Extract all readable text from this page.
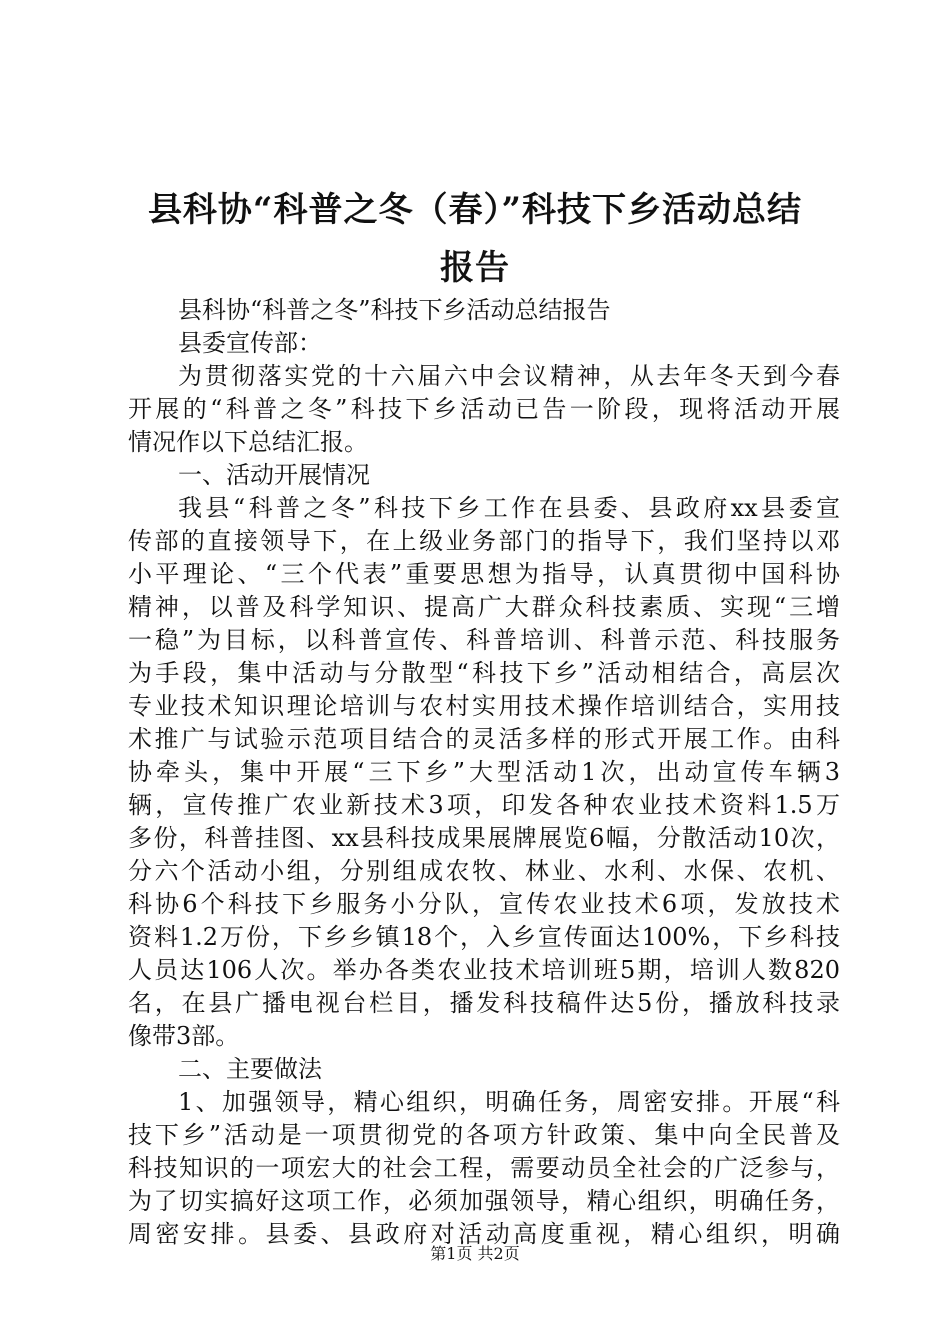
县科协“科普之冬（春）”科技下乡活动总结
报告
县科协“科普之冬”科技下乡活动总结报告
县委宣传部：
为贯彻落实党的十六届六中会议精神，从去年冬天到今春
开展的“科普之冬”科技下乡活动已告一阶段，现将活动开展
情况作以下总结汇报。
一、活动开展情况
我县“科普之冬”科技下乡工作在县委、县政府xx县委宣
传部的直接领导下，在上级业务部门的指导下，我们坚持以邓
小平理论、“三个代表”重要思想为指导，认真贯彻中国科协
精神，以普及科学知识、提高广大群众科技素质、实现“三增
一稳”为目标，以科普宣传、科普培训、科普示范、科技服务
为手段，集中活动与分散型“科技下乡”活动相结合，高层次
专业技术知识理论培训与农村实用技术操作培训结合，实用技
术推广与试验示范项目结合的灵活多样的形式开展工作。由科
协牵头，集中开展“三下乡”大型活动1次，出动宣传车辆3
辆，宣传推广农业新技术3项，印发各种农业技术资料1.5万
多份，科普挂图、xx县科技成果展牌展览6幅，分散活动10次，
分六个活动小组，分别组成农牧、林业、水利、水保、农机、
科协6个科技下乡服务小分队，宣传农业技术6项，发放技术
资料1.2万份，下乡乡镇18个，入乡宣传面达100%，下乡科技
人员达106人次。举办各类农业技术培训班5期，培训人数820
名，在县广播电视台栏目，播发科技稿件达5份，播放科技录
像带3部。
二、主要做法
1、加强领导，精心组织，明确任务，周密安排。开展“科
技下乡”活动是一项贯彻党的各项方针政策、集中向全民普及
科技知识的一项宏大的社会工程，需要动员全社会的广泛参与，
为了切实搞好这项工作，必须加强领导，精心组织，明确任务，
周密安排。县委、县政府对活动高度重视，精心组织，明确
第1页 共2页
